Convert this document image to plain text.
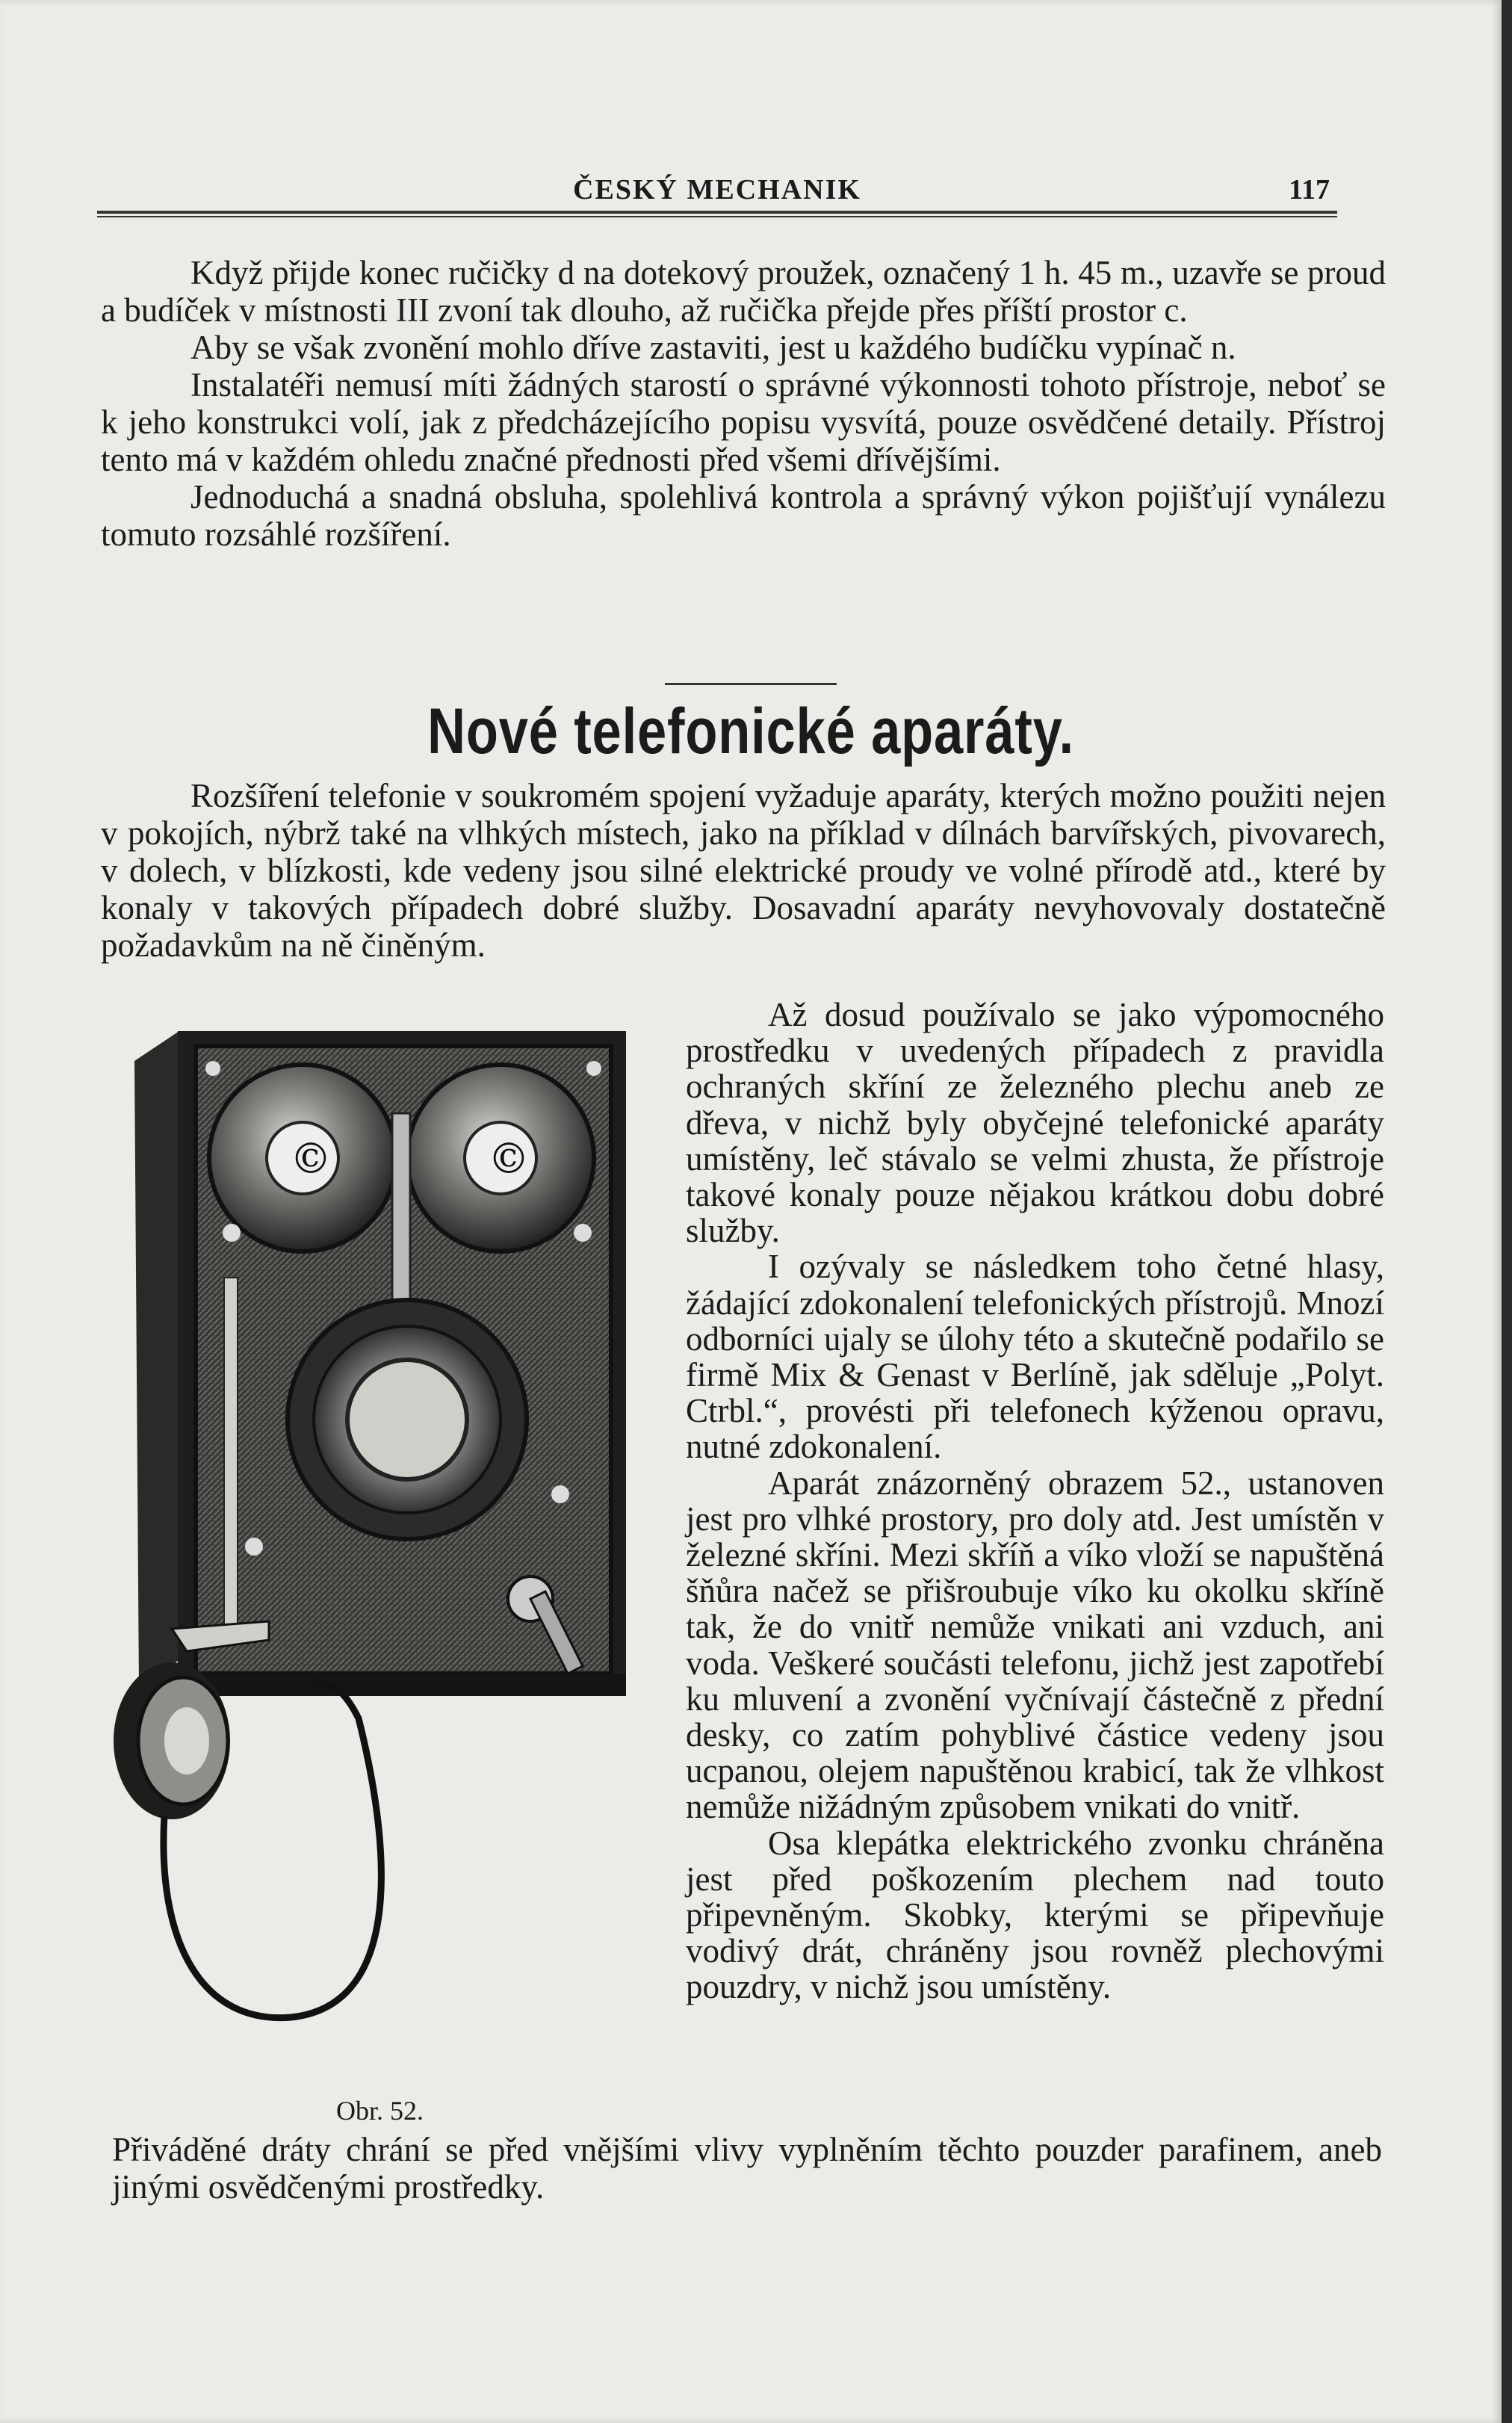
ČESKÝ MECHANIK	117

Když přijde konec ručičky d na dotekový proužek, označený 1 h. 45 m., uzavře se proud a budíček v místnosti III zvoní tak dlouho, až ručička přejde přes příští prostor c.

Aby se však zvonění mohlo dříve zastaviti, jest u každého budíčku vypínač n.

Instalatéři nemusí míti žádných starostí o správné výkonnosti tohoto přístroje, neboť se k jeho konstrukci volí, jak z předcházejícího popisu vysvítá, pouze osvědčené detaily. Přístroj tento má v každém ohledu značné přednosti před všemi dřívějšími.

Jednoduchá a snadná obsluha, spolehlivá kontrola a správný výkon pojišťují vynálezu tomuto rozsáhlé rozšíření.

Nové telefonické aparáty.

Rozšíření telefonie v soukromém spojení vyžaduje aparáty, kterých možno použiti nejen v pokojích, nýbrž také na vlhkých místech, jako na příklad v dílnách barvířských, pivovarech, v dolech, v blízkosti, kde vedeny jsou silné elektrické proudy ve volné přírodě atd., které by konaly v takových případech dobré služby. Dosavadní aparáty nevyhovovaly dostatečně požadavkům na ně činěným.

©	©
Obr. 52.

Až dosud používalo se jako výpomocného prostředku v uvedených případech z pravidla ochraných skříní ze železného plechu aneb ze dřeva, v nichž byly obyčejné telefonické aparáty umístěny, leč stávalo se velmi zhusta, že přístroje takové konaly pouze nějakou krátkou dobu dobré služby.

I ozývaly se následkem toho četné hlasy, žádající zdokonalení telefonických přístrojů. Mnozí odborníci ujaly se úlohy této a skutečně podařilo se firmě Mix & Genast v Berlíně, jak sděluje „Polyt. Ctrbl.“, provésti při telefonech kýženou opravu, nutné zdokonalení.

Aparát znázorněný obrazem 52., ustanoven jest pro vlhké prostory, pro doly atd. Jest umístěn v železné skříni. Mezi skříň a víko vloží se napuštěná šňůra načež se přišroubuje víko ku okolku skříně tak, že do vnitř nemůže vnikati ani vzduch, ani voda. Veškeré součásti telefonu, jichž jest zapotřebí ku mluvení a zvonění vyčnívají částečně z přední desky, co zatím pohyblivé částice vedeny jsou ucpanou, olejem napuštěnou krabicí, tak že vlhkost nemůže nižádným způsobem vnikati do vnitř.

Osa klepátka elektrického zvonku chráněna jest před poškozením plechem nad touto připevněným. Skobky, kterými se připevňuje vodivý drát, chráněny jsou rovněž plechovými pouzdry, v nichž jsou umístěny.

Přiváděné dráty chrání se před vnějšími vlivy vyplněním těchto pouzder parafinem, aneb jinými osvědčenými prostředky.
